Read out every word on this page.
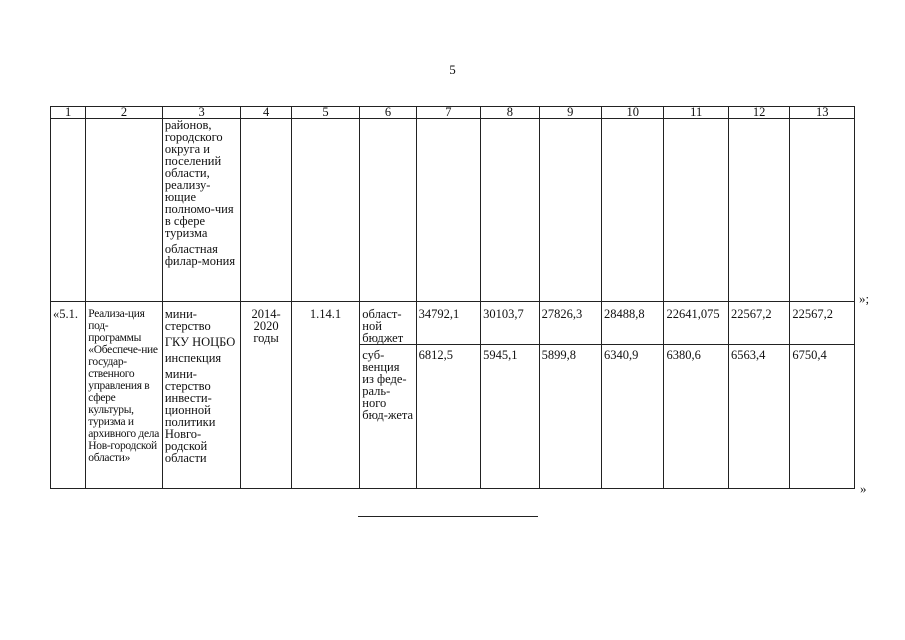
5
1	2	3	4	5	6	7	8	9	10	11	12	13

		районов, городского округа и поселений области, реализу-ющие полномо-чия в сфере туризма
областная филар-мония										

«5.1.	Реализа-ция под-программы «Обеспече-ние государ-ственного управления в сфере культуры, туризма и архивного дела Нов-городской области»	мини-стерство
ГКУ НОЦБО
инспекция
мини-стерство инвести-ционной политики Новго-родской области	2014-2020 годы	1.14.1	област-ной бюджет	34792,1	30103,7	27826,3	28488,8	22641,075	22567,2	22567,2
					суб-венция из феде-раль-ного бюд-жета	6812,5	5945,1	5899,8	6340,9	6380,6	6563,4	6750,4
»;
»
